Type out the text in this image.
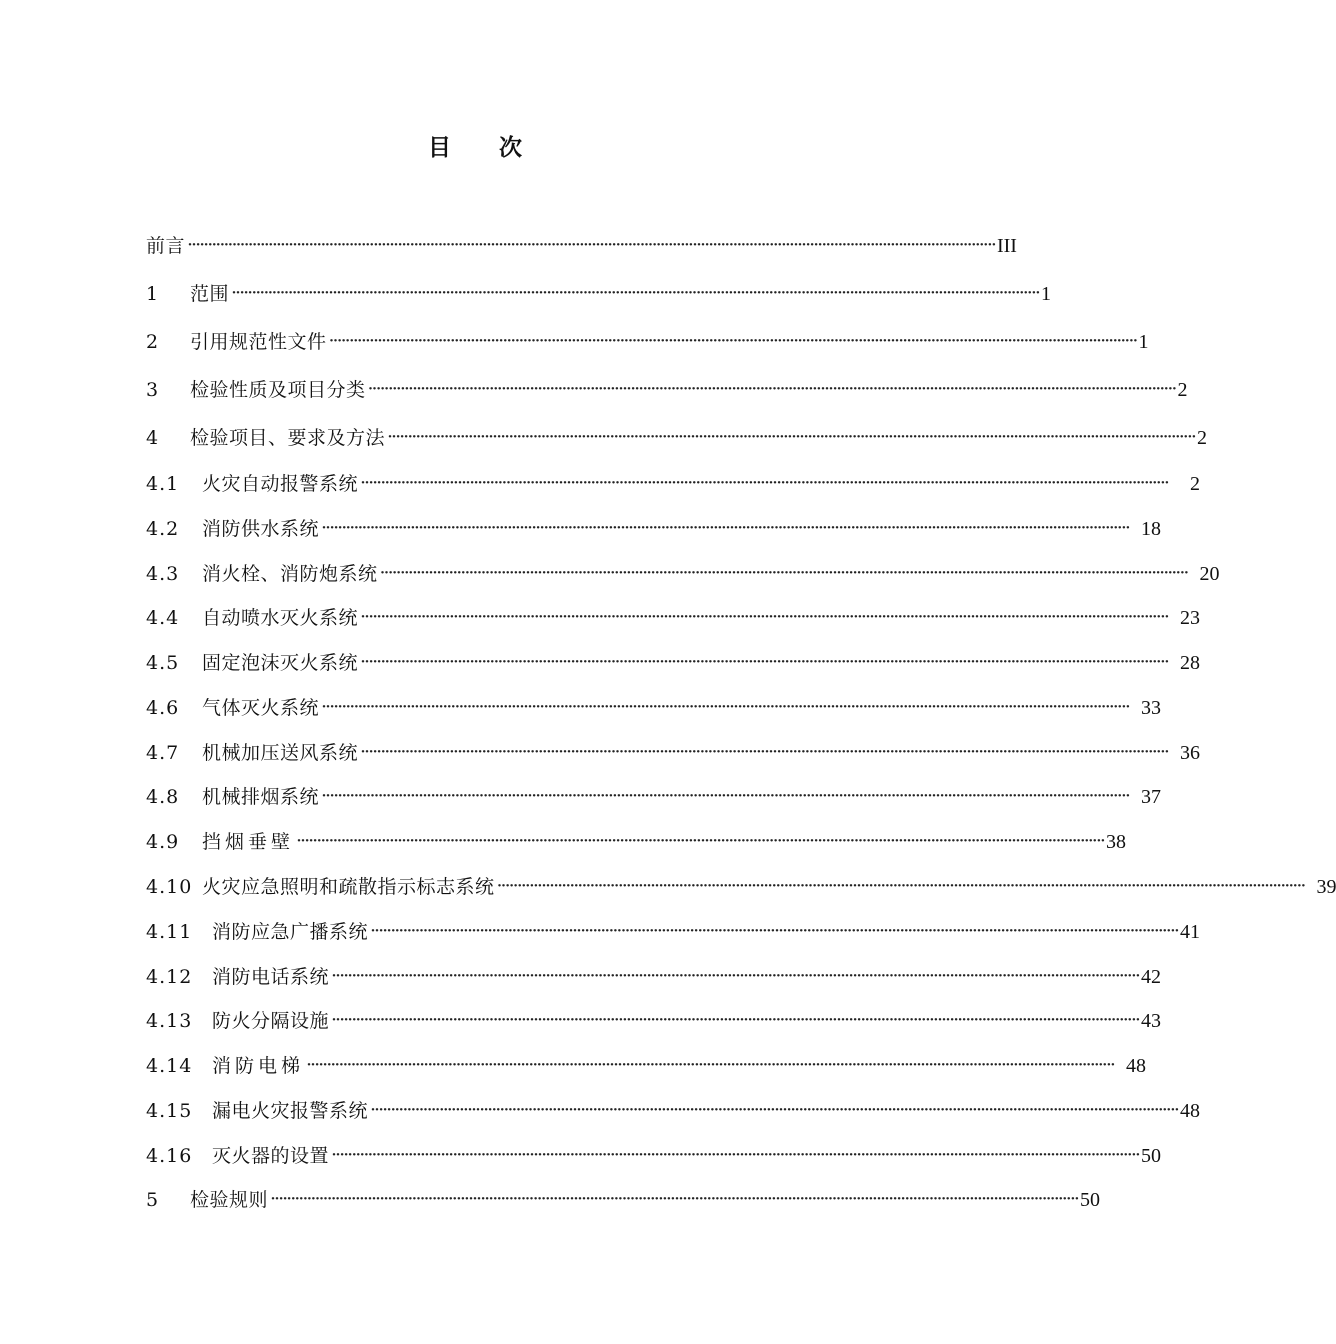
目 次
前言 ········································································································································································································ III
1	范围 ········································································································································································································ 1
2	引用规范性文件 ········································································································································································································ 1
3	检验性质及项目分类 ········································································································································································································ 2
4	检验项目、要求及方法 ········································································································································································································ 2
4.1	火灾自动报警系统 ········································································································································································································	2
4.2	消防供水系统 ········································································································································································································ 18
4.3	消火栓、消防炮系统 ········································································································································································································ 20
4.4	自动喷水灭火系统 ········································································································································································································ 23
4.5	固定泡沫灭火系统 ········································································································································································································ 28
4.6	气体灭火系统 ········································································································································································································ 33
4.7	机械加压送风系统 ········································································································································································································ 36
4.8	机械排烟系统 ········································································································································································································ 37
4.9	挡烟垂壁 ········································································································································································································ 38
4.10 火灾应急照明和疏散指示标志系统 ········································································································································································································ 39
4.11	消防应急广播系统 ········································································································································································································ 41
4.12	消防电话系统 ········································································································································································································ 42
4.13	防火分隔设施 ········································································································································································································ 43
4.14	消防电梯 ········································································································································································································ 48
4.15	漏电火灾报警系统 ········································································································································································································ 48
4.16	灭火器的设置 ········································································································································································································ 50
5	检验规则 ········································································································································································································ 50
